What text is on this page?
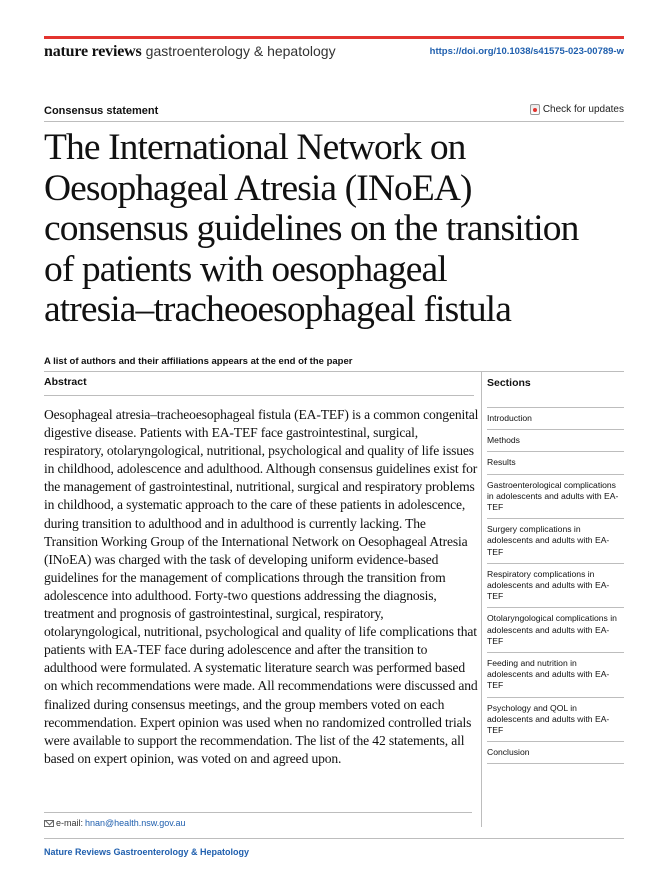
nature reviews gastroenterology & hepatology	https://doi.org/10.1038/s41575-023-00789-w
Consensus statement	Check for updates
The International Network on
Oesophageal Atresia (INoEA)
consensus guidelines on the transition
of patients with oesophageal
atresia–tracheoesophageal fistula
A list of authors and their affiliations appears at the end of the paper
Abstract

Oesophageal atresia–tracheoesophageal fistula (EA-TEF) is a common congenital digestive disease. Patients with EA-TEF face gastrointestinal, surgical, respiratory, otolaryngological, nutritional, psychological and quality of life issues in childhood, adolescence and adulthood. Although consensus guidelines exist for the management of gastrointestinal, nutritional, surgical and respiratory problems in childhood, a systematic approach to the care of these patients in adolescence, during transition to adulthood and in adulthood is currently lacking. The Transition Working Group of the International Network on Oesophageal Atresia (INoEA) was charged with the task of developing uniform evidence-based guidelines for the management of complications through the transition from adolescence into adulthood. Forty-two questions addressing the diagnosis, treatment and prognosis of gastrointestinal, surgical, respiratory, otolaryngological, nutritional, psychological and quality of life complications that patients with EA-TEF face during adolescence and after the transition to adulthood were formulated. A systematic literature search was performed based on which recommendations were made. All recommendations were discussed and finalized during consensus meetings, and the group members voted on each recommendation. Expert opinion was used when no randomized controlled trials were available to support the recommendation. The list of the 42 statements, all based on expert opinion, was voted on and agreed upon.

Sections
Introduction
Methods
Results
Gastroenterological complications in adolescents and adults with EA-TEF
Surgery complications in adolescents and adults with EA-TEF
Respiratory complications in adolescents and adults with EA-TEF
Otolaryngological complications in adolescents and adults with EA-TEF
Feeding and nutrition in adolescents and adults with EA-TEF
Psychology and QOL in adolescents and adults with EA-TEF
Conclusion
e-mail: hnan@health.nsw.gov.au
Nature Reviews Gastroenterology & Hepatology
